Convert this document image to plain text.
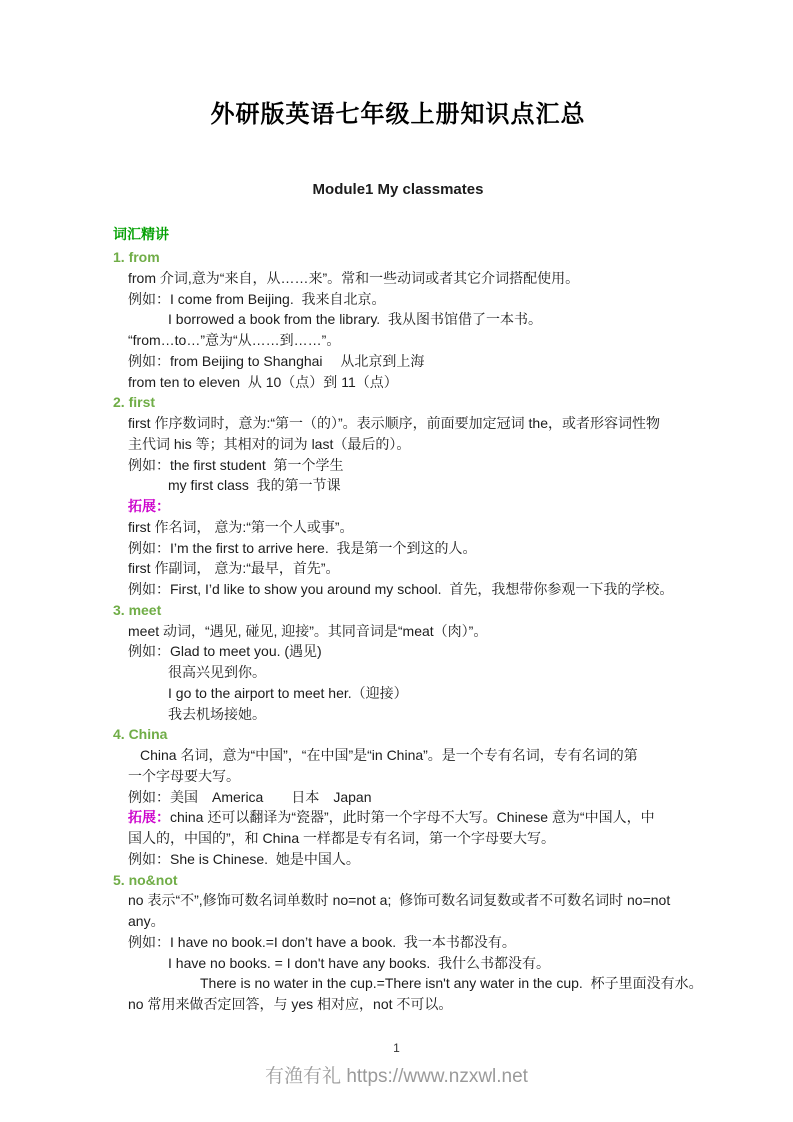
外研版英语七年级上册知识点汇总
Module1 My classmates
词汇精讲
1. from
from 介词,意为“来自，从……来”。常和一些动词或者其它介词搭配使用。
例如：I come from Beijing.  我来自北京。
I borrowed a book from the library.  我从图书馆借了一本书。
“from…to…”意为“从……到……”。
例如：from Beijing to Shanghai　 从北京到上海
from ten to eleven  从 10（点）到 11（点）
2. first
first 作序数词时，意为:“第一（的）”。表示顺序，前面要加定冠词 the，或者形容词性物
主代词 his 等；其相对的词为 last（最后的）。
例如：the first student  第一个学生
my first class  我的第一节课
拓展：
first 作名词， 意为:“第一个人或事”。
例如：I’m the first to arrive here.  我是第一个到这的人。
first 作副词， 意为:“最早，首先”。
例如：First, I’d like to show you around my school.  首先，我想带你参观一下我的学校。
3. meet
meet 动词，“遇见, 碰见, 迎接”。其同音词是“meat（肉）”。
例如：Glad to meet you. (遇见)
很高兴见到你。
I go to the airport to meet her.（迎接）
我去机场接她。
4. China
China 名词，意为“中国”，“在中国”是“in China”。是一个专有名词，专有名词的第
一个字母要大写。
例如：美国　America　　日本　Japan
拓展：china 还可以翻译为“瓷器”，此时第一个字母不大写。Chinese 意为“中国人，中
国人的，中国的”，和 China 一样都是专有名词，第一个字母要大写。
例如：She is Chinese.  她是中国人。
5. no&not
no 表示“不”,修饰可数名词单数时 no=not a;  修饰可数名词复数或者不可数名词时 no=not
any。
例如：I have no book.=I don’t have a book.  我一本书都没有。
I have no books. = I don't have any books.  我什么书都没有。
There is no water in the cup.=There isn't any water in the cup.  杯子里面没有水。
no 常用来做否定回答，与 yes 相对应，not 不可以。
1
有渔有礼 https://www.nzxwl.net
